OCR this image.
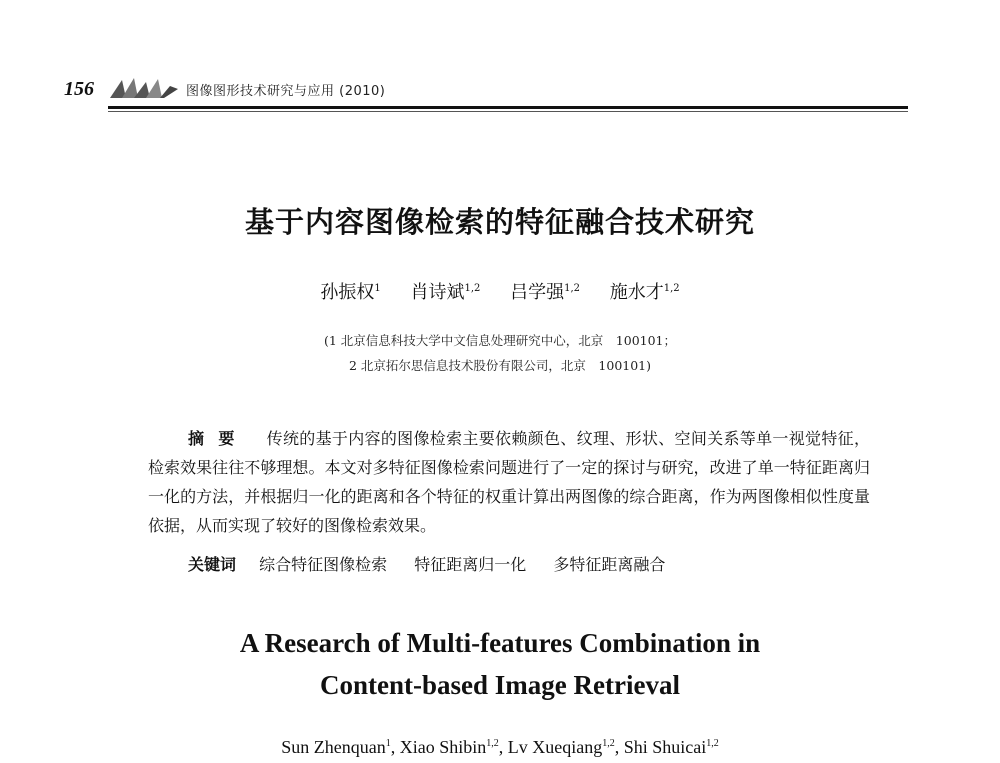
156	图像图形技术研究与应用 (2010)
基于内容图像检索的特征融合技术研究
孙振权$^1$ 肖诗斌$^{1,2}$ 吕学强$^{1,2}$ 施水才$^{1,2}$
(1 北京信息科技大学中文信息处理研究中心，北京　100101；
2 北京拓尔思信息技术股份有限公司，北京　100101)
摘要 传统的基于内容的图像检索主要依赖颜色、纹理、形状、空间关系等单一视觉特征，检索效果往往不够理想。本文对多特征图像检索问题进行了一定的探讨与研究，改进了单一特征距离归一化的方法，并根据归一化的距离和各个特征的权重计算出两图像的综合距离，作为两图像相似性度量依据，从而实现了较好的图像检索效果。
关键词 综合特征图像检索 特征距离归一化 多特征距离融合
A Research of Multi-features Combination in
Content-based Image Retrieval
Sun Zhenquan$^1$, Xiao Shibin$^{1,2}$, Lv Xueqiang$^{1,2}$, Shi Shuicai$^{1,2}$
